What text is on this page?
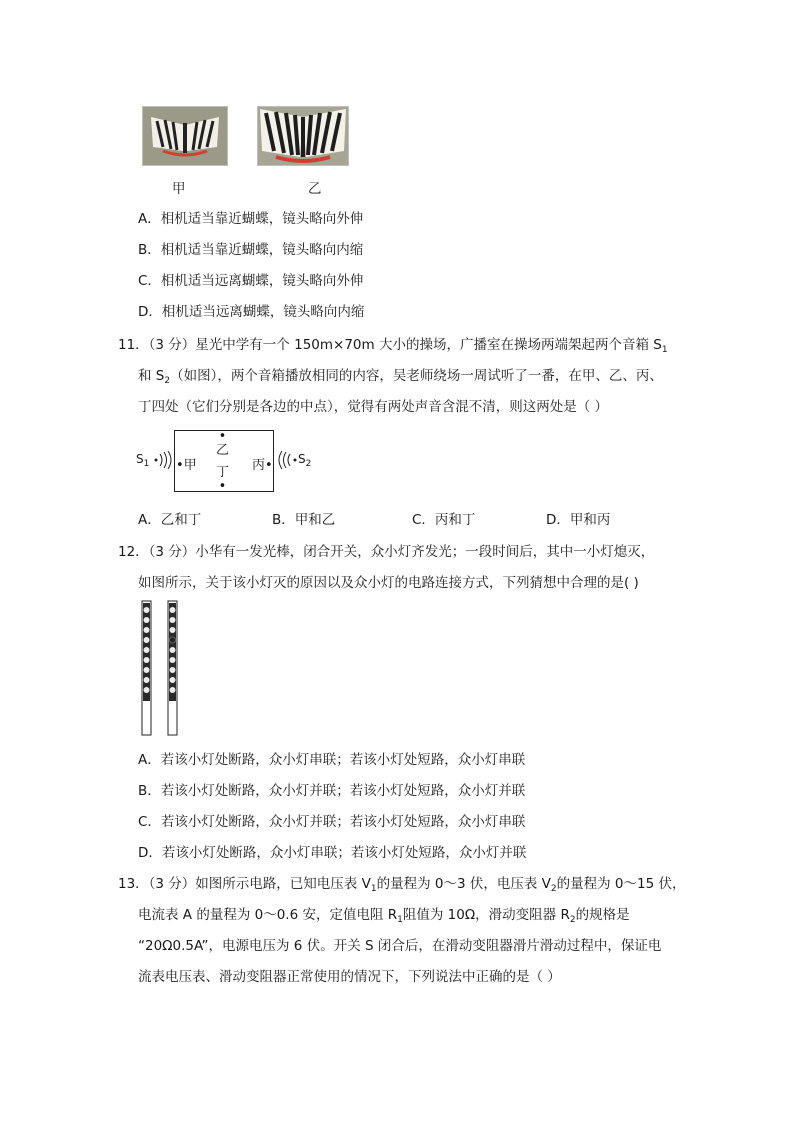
甲	乙
A．相机适当靠近蝴蝶，镜头略向外伸
B．相机适当靠近蝴蝶，镜头略向内缩
C．相机适当远离蝴蝶，镜头略向外伸
D．相机适当远离蝴蝶，镜头略向内缩
11．（3 分）星光中学有一个 150m×70m 大小的操场，广播室在操场两端架起两个音箱 $S_1$
和 $S_2$（如图），两个音箱播放相同的内容，吴老师绕场一周试听了一番，在甲、乙、丙、
丁四处（它们分别是各边的中点），觉得有两处声音含混不清，则这两处是（ ）
$S_1$ •甲
•
乙
丁
•
丙• $S_2$
A．乙和丁	B．甲和乙	C．丙和丁	D．甲和丙
12．（3 分）小华有一发光棒，闭合开关，众小灯齐发光；一段时间后，其中一小灯熄灭，
如图所示，关于该小灯灭的原因以及众小灯的电路连接方式，下列猜想中合理的是( )
A．若该小灯处断路，众小灯串联；若该小灯处短路，众小灯串联
B．若该小灯处断路，众小灯并联；若该小灯处短路，众小灯并联
C．若该小灯处断路，众小灯并联；若该小灯处短路，众小灯串联
D．若该小灯处断路，众小灯串联；若该小灯处短路，众小灯并联
13．（3 分）如图所示电路，已知电压表 $V_1$的量程为 0～3 伏，电压表 $V_2$的量程为 0～15 伏，
电流表 A 的量程为 0～0.6 安，定值电阻 $R_1$阻值为 10Ω，滑动变阻器 $R_2$的规格是
“20Ω0.5A”，电源电压为 6 伏。开关 S 闭合后，在滑动变阻器滑片滑动过程中，保证电
流表电压表、滑动变阻器正常使用的情况下，下列说法中正确的是（ ）
